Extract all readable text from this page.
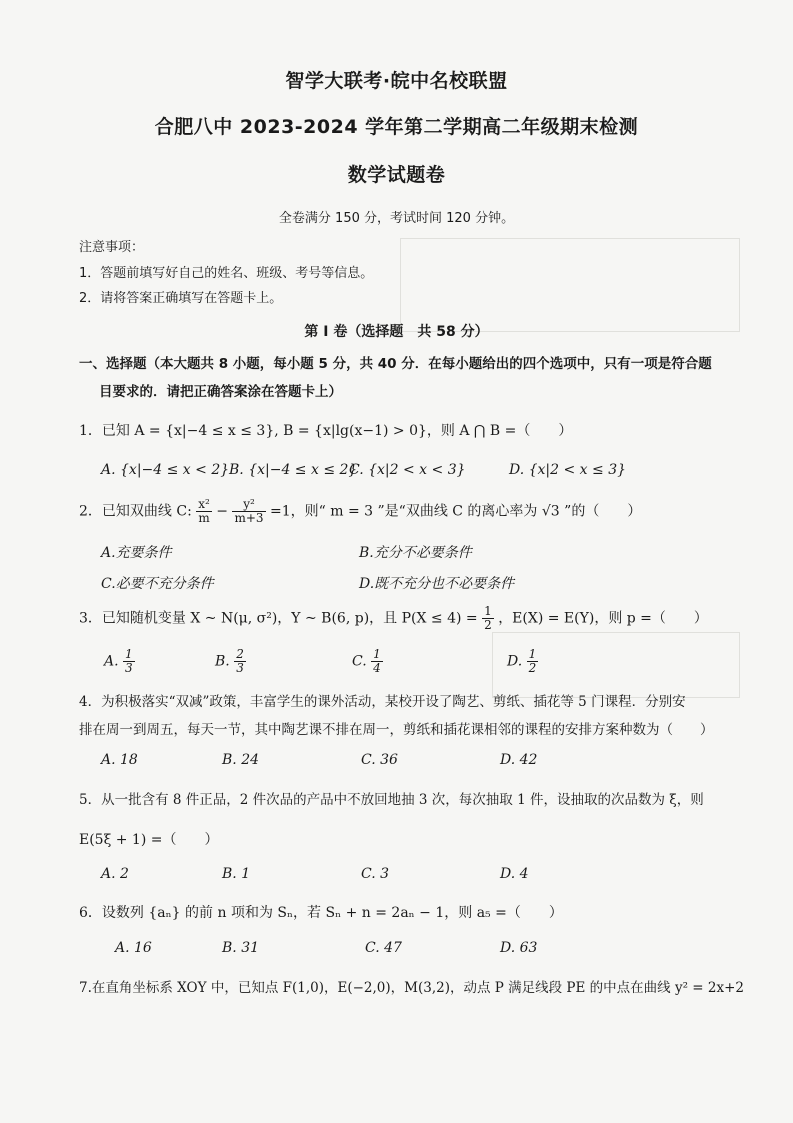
智学大联考·皖中名校联盟
合肥八中 2023-2024 学年第二学期高二年级期末检测
数学试题卷
全卷满分 150 分，考试时间 120 分钟。
注意事项：
1．答题前填写好自己的姓名、班级、考号等信息。
2．请将答案正确填写在答题卡上。
第 I 卷（选择题　共 58 分）
一、选择题（本大题共 8 小题，每小题 5 分，共 40 分．在每小题给出的四个选项中，只有一项是符合题
目要求的．请把正确答案涂在答题卡上）
1．已知 A = {x|−4 ≤ x ≤ 3}, B = {x|lg(x−1) > 0}，则 A ⋂ B =（　　）
A. {x|−4 ≤ x < 2} B. {x|−4 ≤ x ≤ 2}
C. {x|2 < x < 3}	D. {x|2 < x ≤ 3}
2．已知双曲线 C: $\frac{\text{x²}}{m} - \frac{\text{y²}}{m+3} =1$，则“ m = 3 ”是“双曲线 C 的离心率为 √3 ”的（　　）
A.充要条件	B.充分不必要条件
C.必要不充分条件	D.既不充分也不必要条件
3．已知随机变量 X ~ N(μ, σ²)，Y ~ B(6, p)，且 $P(X \le 4) = \frac{1}{2}$ ，E(X) = E(Y)，则 p =（　　）
A. $\frac{1}{3}$	B. $\frac{2}{3}$	C. $\frac{1}{4}$	D. $\frac{1}{2}$
4．为积极落实“双减”政策，丰富学生的课外活动，某校开设了陶艺、剪纸、插花等 5 门课程．分别安
排在周一到周五，每天一节，其中陶艺课不排在周一，剪纸和插花课相邻的课程的安排方案种数为（　　）
A. 18	B. 24	C. 36	D. 42
5．从一批含有 8 件正品，2 件次品的产品中不放回地抽 3 次，每次抽取 1 件，设抽取的次品数为 ξ，则
E(5ξ + 1) =（　　）
A. 2	B. 1	C. 3	D. 4
6．设数列 {aₙ} 的前 n 项和为 Sₙ，若 Sₙ + n = 2aₙ − 1，则 a₅ =（　　）
A. 16	B. 31	C. 47	D. 63
7.在直角坐标系 XOY 中，已知点 F(1,0)，E(−2,0)，M(3,2)，动点 P 满足线段 PE 的中点在曲线 y² = 2x+2
